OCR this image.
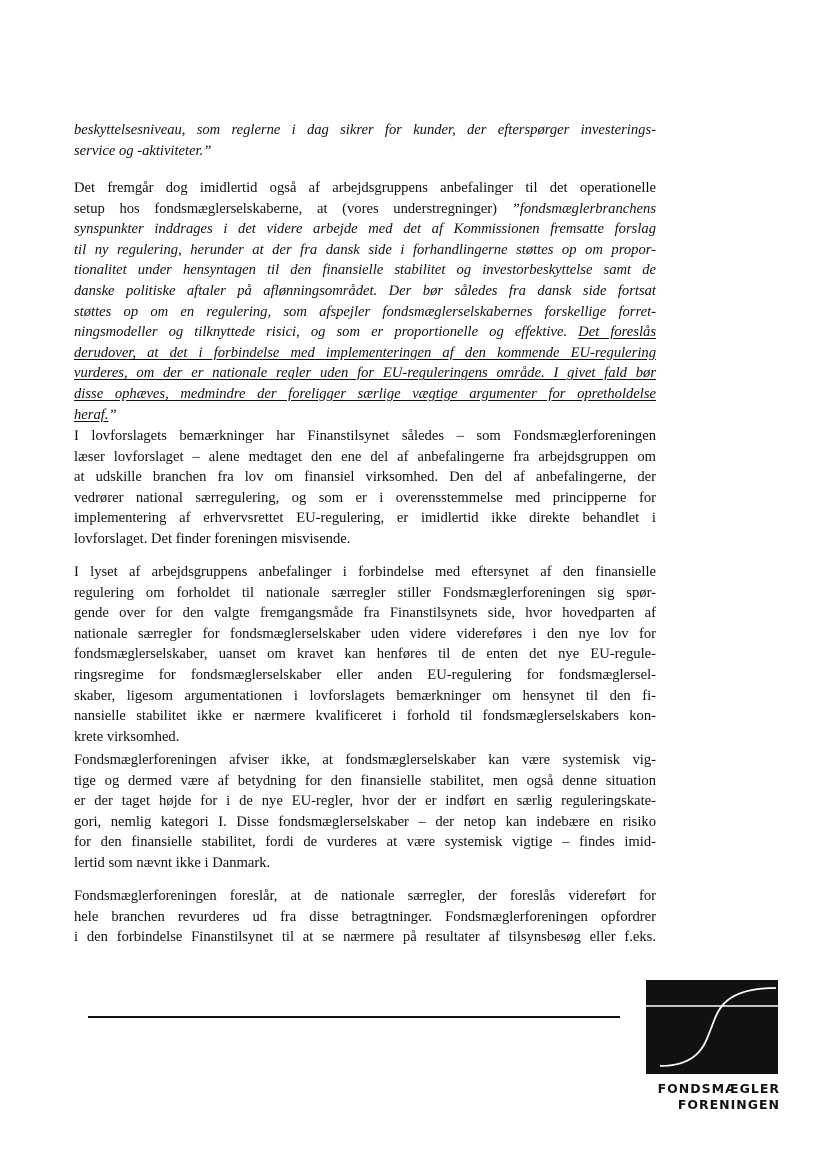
beskyttelsesniveau, som reglerne i dag sikrer for kunder, der efterspørger investerings-
service og -aktiviteter.”
Det fremgår dog imidlertid også af arbejdsgruppens anbefalinger til det operationelle
setup hos fondsmæglerselskaberne, at (vores understregninger) ”fondsmæglerbranchens
synspunkter inddrages i det videre arbejde med det af Kommissionen fremsatte forslag
til ny regulering, herunder at der fra dansk side i forhandlingerne støttes op om propor-
tionalitet under hensyntagen til den finansielle stabilitet og investorbeskyttelse samt de
danske politiske aftaler på aflønningsområdet. Der bør således fra dansk side fortsat
støttes op om en regulering, som afspejler fondsmæglerselskabernes forskellige forret-
ningsmodeller og tilknyttede risici, og som er proportionelle og effektive. Det foreslås
derudover, at det i forbindelse med implementeringen af den kommende EU-regulering
vurderes, om der er nationale regler uden for EU-reguleringens område. I givet fald bør
disse ophæves, medmindre der foreligger særlige vægtige argumenter for opretholdelse
heraf.”
I lovforslagets bemærkninger har Finanstilsynet således – som Fondsmæglerforeningen
læser lovforslaget – alene medtaget den ene del af anbefalingerne fra arbejdsgruppen om
at udskille branchen fra lov om finansiel virksomhed. Den del af anbefalingerne, der
vedrører national særregulering, og som er i overensstemmelse med principperne for
implementering af erhvervsrettet EU-regulering, er imidlertid ikke direkte behandlet i
lovforslaget. Det finder foreningen misvisende.
I lyset af arbejdsgruppens anbefalinger i forbindelse med eftersynet af den finansielle
regulering om forholdet til nationale særregler stiller Fondsmæglerforeningen sig spør-
gende over for den valgte fremgangsmåde fra Finanstilsynets side, hvor hovedparten af
nationale særregler for fondsmæglerselskaber uden videre videreføres i den nye lov for
fondsmæglerselskaber, uanset om kravet kan henføres til de enten det nye EU-regule-
ringsregime for fondsmæglerselskaber eller anden EU-regulering for fondsmæglersel-
skaber, ligesom argumentationen i lovforslagets bemærkninger om hensynet til den fi-
nansielle stabilitet ikke er nærmere kvalificeret i forhold til fondsmæglerselskabers kon-
krete virksomhed.
Fondsmæglerforeningen afviser ikke, at fondsmæglerselskaber kan være systemisk vig-
tige og dermed være af betydning for den finansielle stabilitet, men også denne situation
er der taget højde for i de nye EU-regler, hvor der er indført en særlig reguleringskate-
gori, nemlig kategori I. Disse fondsmæglerselskaber – der netop kan indebære en risiko
for den finansielle stabilitet, fordi de vurderes at være systemisk vigtige – findes imid-
lertid som nævnt ikke i Danmark.
Fondsmæglerforeningen foreslår, at de nationale særregler, der foreslås videreført for
hele branchen revurderes ud fra disse betragtninger. Fondsmæglerforeningen opfordrer
i den forbindelse Finanstilsynet til at se nærmere på resultater af tilsynsbesøg eller f.eks.
FONDSMÆGLER
FORENINGEN
